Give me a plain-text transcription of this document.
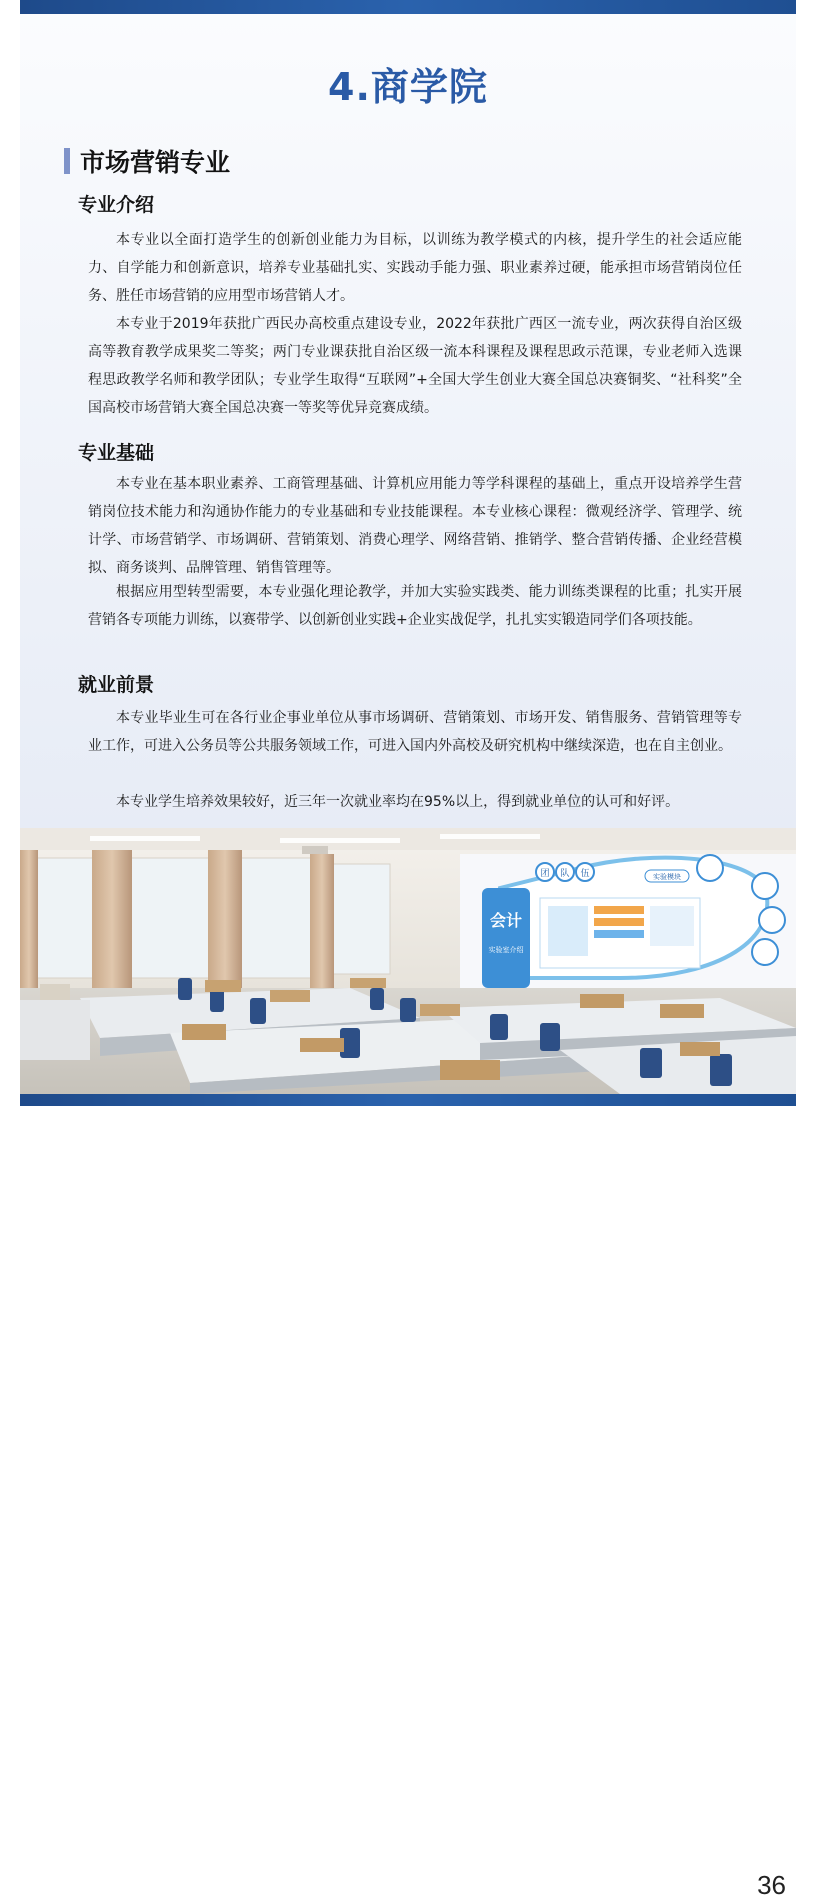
4.商学院
市场营销专业
专业介绍

本专业以全面打造学生的创新创业能力为目标，以训练为教学模式的内核，提升学生的社会适应能力、自学能力和创新意识，培养专业基础扎实、实践动手能力强、职业素养过硬，能承担市场营销岗位任务、胜任市场营销的应用型市场营销人才。

本专业于2019年获批广西民办高校重点建设专业，2022年获批广西区一流专业，两次获得自治区级高等教育教学成果奖二等奖；两门专业课获批自治区级一流本科课程及课程思政示范课，专业老师入选课程思政教学名师和教学团队；专业学生取得“互联网”+全国大学生创业大赛全国总决赛铜奖、“社科奖”全国高校市场营销大赛全国总决赛一等奖等优异竞赛成绩。

专业基础

本专业在基本职业素养、工商管理基础、计算机应用能力等学科课程的基础上，重点开设培养学生营销岗位技术能力和沟通协作能力的专业基础和专业技能课程。本专业核心课程：微观经济学、管理学、统计学、市场营销学、市场调研、营销策划、消费心理学、网络营销、推销学、整合营销传播、企业经营模拟、商务谈判、品牌管理、销售管理等。

根据应用型转型需要，本专业强化理论教学，并加大实验实践类、能力训练类课程的比重；扎实开展营销各专项能力训练，以赛带学、以创新创业实践+企业实战促学，扎扎实实锻造同学们各项技能。

就业前景

本专业毕业生可在各行业企事业单位从事市场调研、营销策划、市场开发、销售服务、营销管理等专业工作，可进入公务员等公共服务领域工作，可进入国内外高校及研究机构中继续深造，也在自主创业。

本专业学生培养效果较好，近三年一次就业率均在95%以上，得到就业单位的认可和好评。

会计
实验室介绍
实验模块
团 队 伍
36
